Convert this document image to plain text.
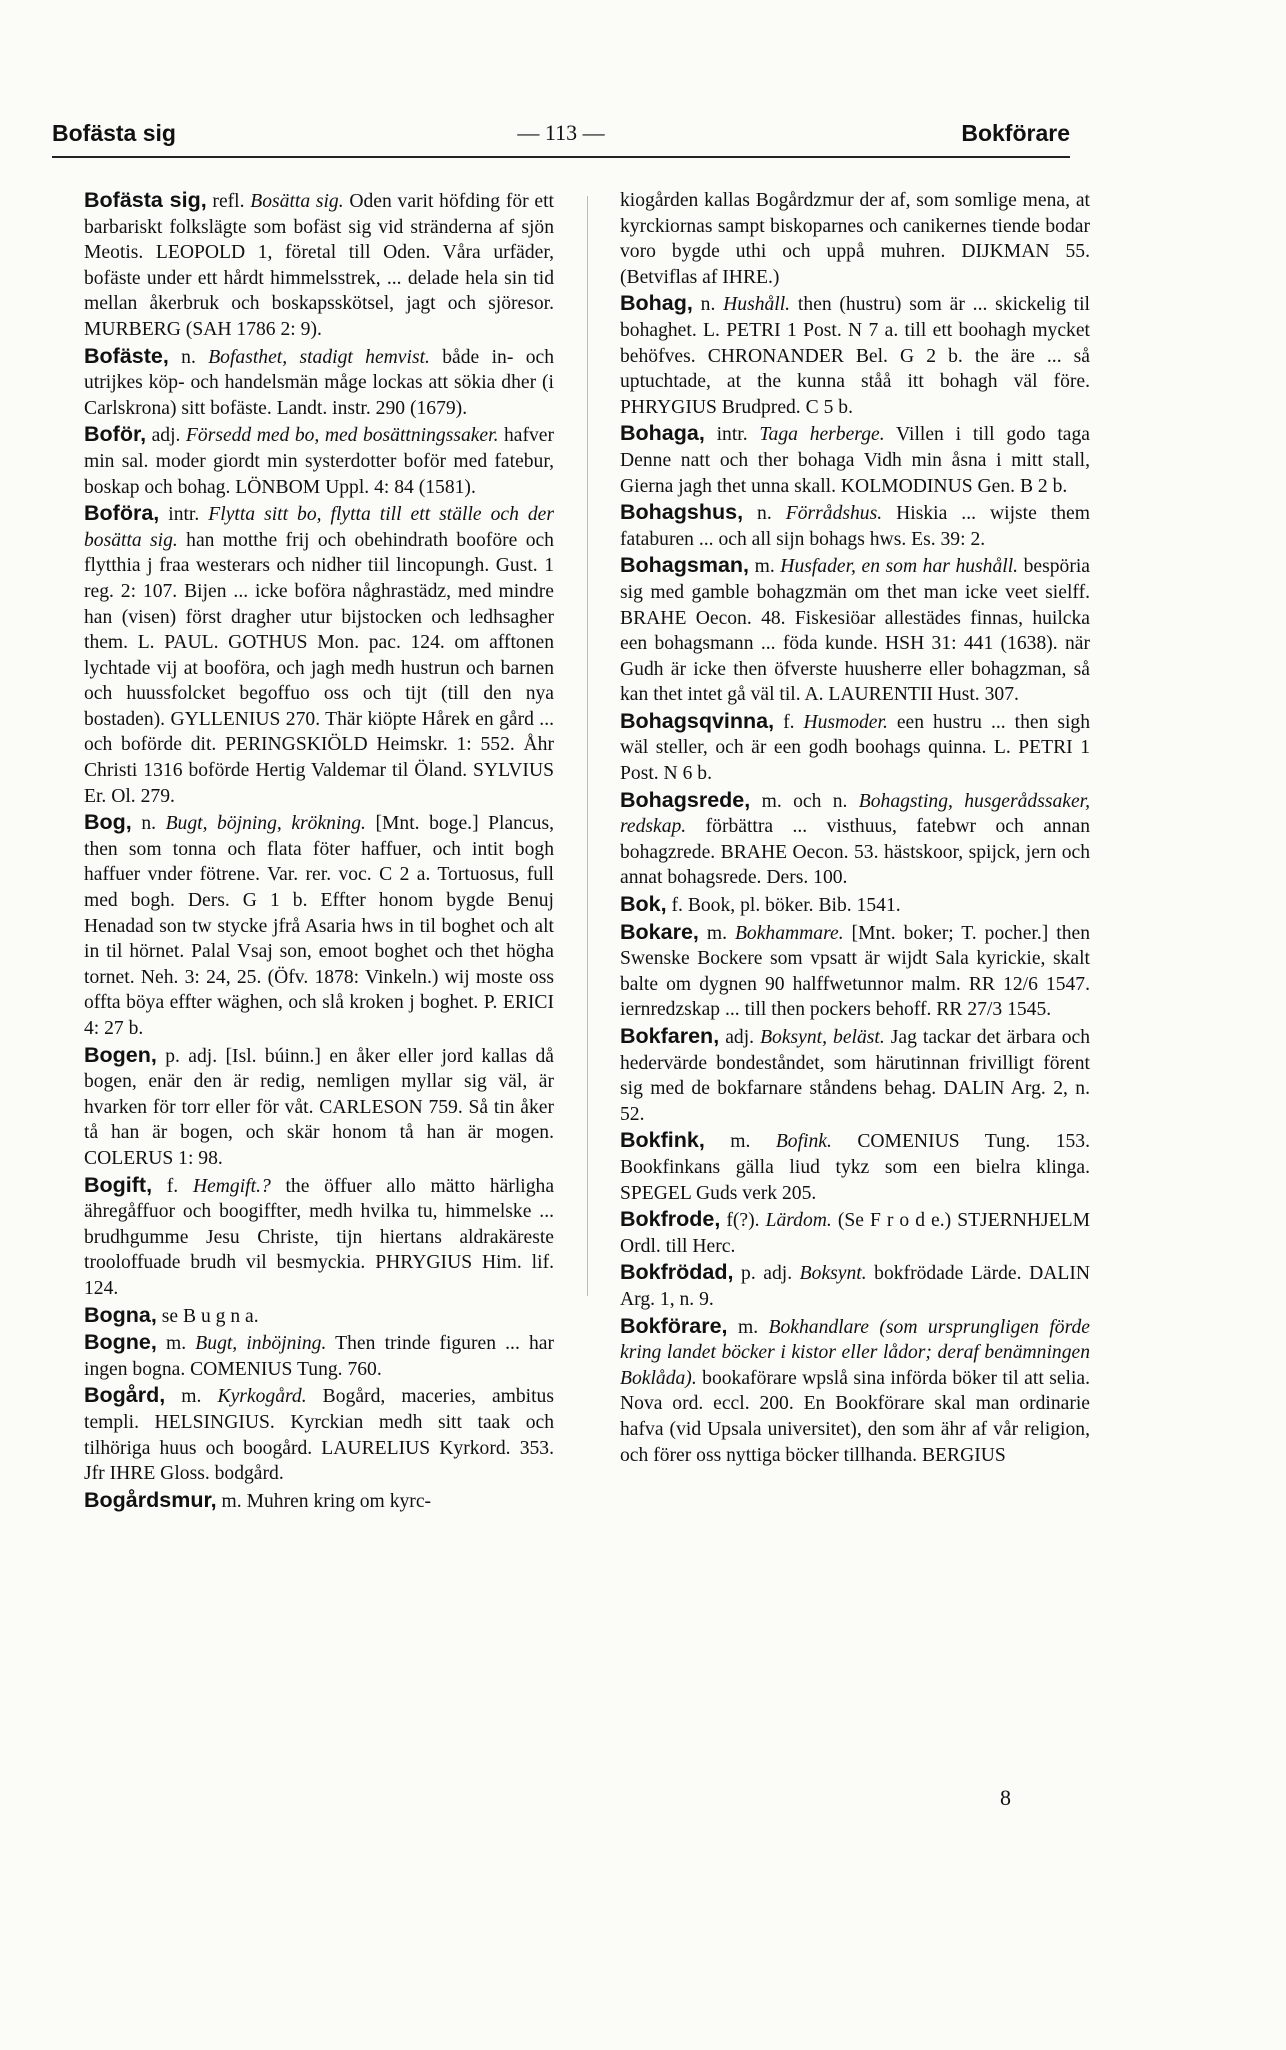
Bofästa sig	— 113 —	Bokförare
Bofästa sig, refl. Bosätta sig. Oden varit höfding för ett barbariskt folkslägte som bofäst sig vid stränderna af sjön Meotis. LEOPOLD 1, företal till Oden. Våra urfäder, bofäste under ett hårdt himmelsstrek, ... delade hela sin tid mellan åkerbruk och boskapsskötsel, jagt och sjöresor. MURBERG (SAH 1786 2: 9).
Bofäste, n. Bofasthet, stadigt hemvist. både in- och utrijkes köp- och handelsmän måge lockas att sökia dher (i Carlskrona) sitt bofäste. Landt. instr. 290 (1679).
Boför, adj. Försedd med bo, med bosättningssaker. hafver min sal. moder giordt min systerdotter boför med fatebur, boskap och bohag. LÖNBOM Uppl. 4: 84 (1581).
Boföra, intr. Flytta sitt bo, flytta till ett ställe och der bosätta sig. han motthe frij och obehindrath booföre och flytthia j fraa westerars och nidher tiil lincopungh. Gust. 1 reg. 2: 107. Bijen ... icke boföra någhrastädz, med mindre han (visen) först dragher utur bijstocken och ledhsagher them. L. PAUL. GOTHUS Mon. pac. 124. om afftonen lychtade vij at booföra, och jagh medh hustrun och barnen och huussfolcket begoffuo oss och tijt (till den nya bostaden). GYLLENIUS 270. Thär kiöpte Hårek en gård ... och boförde dit. PERINGSKIÖLD Heimskr. 1: 552. Åhr Christi 1316 boförde Hertig Valdemar til Öland. SYLVIUS Er. Ol. 279.
Bog, n. Bugt, böjning, krökning. [Mnt. boge.] Plancus, then som tonna och flata föter haffuer, och intit bogh haffuer vnder fötrene. Var. rer. voc. C 2 a. Tortuosus, full med bogh. Ders. G 1 b. Effter honom bygde Benuj Henadad son tw stycke jfrå Asaria hws in til boghet och alt in til hörnet. Palal Vsaj son, emoot boghet och thet högha tornet. Neh. 3: 24, 25. (Öfv. 1878: Vinkeln.) wij moste oss offta böya effter wäghen, och slå kroken j boghet. P. ERICI 4: 27 b.
Bogen, p. adj. [Isl. búinn.] en åker eller jord kallas då bogen, enär den är redig, nemligen myllar sig väl, är hvarken för torr eller för våt. CARLESON 759. Så tin åker tå han är bogen, och skär honom tå han är mogen. COLERUS 1: 98.
Bogift, f. Hemgift.? the öffuer allo mätto härligha ähregåffuor och boogiffter, medh hvilka tu, himmelske ... brudhgumme Jesu Christe, tijn hiertans aldrakäreste trooloffuade brudh vil besmyckia. PHRYGIUS Him. lif. 124.
Bogna, se B u g n a.
Bogne, m. Bugt, inböjning. Then trinde figuren ... har ingen bogna. COMENIUS Tung. 760.
Bogård, m. Kyrkogård. Bogård, maceries, ambitus templi. HELSINGIUS. Kyrckian medh sitt taak och tilhöriga huus och boogård. LAURELIUS Kyrkord. 353. Jfr IHRE Gloss. bodgård.
Bogårdsmur, m. Muhren kring om kyrc-
kiogården kallas Bogårdzmur der af, som somlige mena, at kyrckiornas sampt biskoparnes och canikernes tiende bodar voro bygde uthi och uppå muhren. DIJKMAN 55. (Betviflas af IHRE.)
Bohag, n. Hushåll. then (hustru) som är ... skickelig til bohaghet. L. PETRI 1 Post. N 7 a. till ett boohagh mycket behöfves. CHRONANDER Bel. G 2 b. the äre ... så uptuchtade, at the kunna ståå itt bohagh väl före. PHRYGIUS Brudpred. C 5 b.
Bohaga, intr. Taga herberge. Villen i till godo taga Denne natt och ther bohaga Vidh min åsna i mitt stall, Gierna jagh thet unna skall. KOLMODINUS Gen. B 2 b.
Bohagshus, n. Förrådshus. Hiskia ... wijste them fataburen ... och all sijn bohags hws. Es. 39: 2.
Bohagsman, m. Husfader, en som har hushåll. bespöria sig med gamble bohagzmän om thet man icke veet sielff. BRAHE Oecon. 48. Fiskesiöar allestädes finnas, huilcka een bohagsmann ... föda kunde. HSH 31: 441 (1638). när Gudh är icke then öfverste huusherre eller bohagzman, så kan thet intet gå väl til. A. LAURENTII Hust. 307.
Bohagsqvinna, f. Husmoder. een hustru ... then sigh wäl steller, och är een godh boohags quinna. L. PETRI 1 Post. N 6 b.
Bohagsrede, m. och n. Bohagsting, husgerådssaker, redskap. förbättra ... visthuus, fatebwr och annan bohagzrede. BRAHE Oecon. 53. hästskoor, spijck, jern och annat bohagsrede. Ders. 100.
Bok, f. Book, pl. böker. Bib. 1541.
Bokare, m. Bokhammare. [Mnt. boker; T. pocher.] then Swenske Bockere som vpsatt är wijdt Sala kyrickie, skalt balte om dygnen 90 halffwetunnor malm. RR 12/6 1547. iernredzskap ... till then pockers behoff. RR 27/3 1545.
Bokfaren, adj. Boksynt, beläst. Jag tackar det ärbara och hedervärde bondeståndet, som härutinnan frivilligt förent sig med de bokfarnare ståndens behag. DALIN Arg. 2, n. 52.
Bokfink, m. Bofink. COMENIUS Tung. 153. Bookfinkans gälla liud tykz som een bielra klinga. SPEGEL Guds verk 205.
Bokfrode, f(?). Lärdom. (Se F r o d e.) STJERNHJELM Ordl. till Herc.
Bokfrödad, p. adj. Boksynt. bokfrödade Lärde. DALIN Arg. 1, n. 9.
Bokförare, m. Bokhandlare (som ursprungligen förde kring landet böcker i kistor eller lådor; deraf benämningen Boklåda). bookaförare wpslå sina införda böker til att selia. Nova ord. eccl. 200. En Bookförare skal man ordinarie hafva (vid Upsala universitet), den som ähr af vår religion, och förer oss nyttiga böcker tillhanda. BERGIUS
8
